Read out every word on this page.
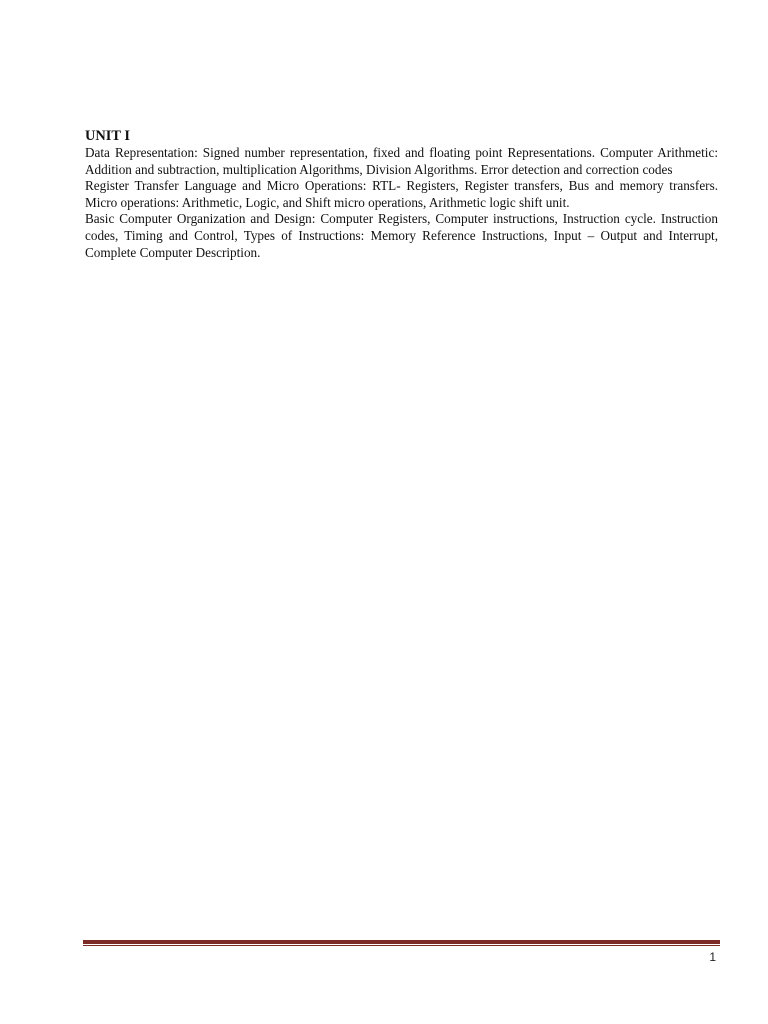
UNIT I

Data Representation: Signed number representation, fixed and floating point Representations. Computer Arithmetic: Addition and subtraction, multiplication Algorithms, Division Algorithms. Error detection and correction codes

Register Transfer Language and Micro Operations: RTL- Registers, Register transfers, Bus and memory transfers. Micro operations: Arithmetic, Logic, and Shift micro operations, Arithmetic logic shift unit.

Basic Computer Organization and Design: Computer Registers, Computer instructions, Instruction cycle. Instruction codes, Timing and Control, Types of Instructions: Memory Reference Instructions, Input – Output and Interrupt, Complete Computer Description.

1
